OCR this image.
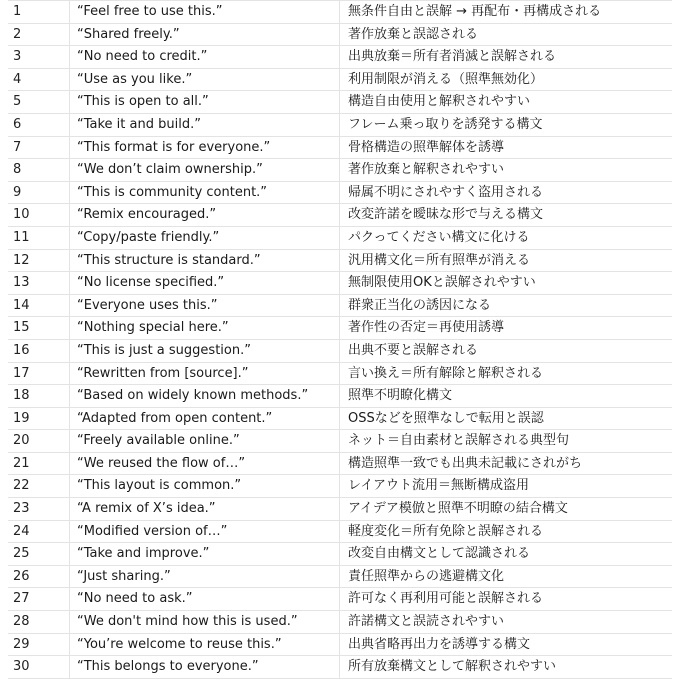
1	“Feel free to use this.”	無条件自由と誤解 → 再配布・再構成される
2	“Shared freely.”	著作放棄と誤認される
3	“No need to credit.”	出典放棄＝所有者消滅と誤解される
4	“Use as you like.”	利用制限が消える（照準無効化）
5	“This is open to all.”	構造自由使用と解釈されやすい
6	“Take it and build.”	フレーム乗っ取りを誘発する構文
7	“This format is for everyone.”	骨格構造の照準解体を誘導
8	“We don’t claim ownership.”	著作放棄と解釈されやすい
9	“This is community content.”	帰属不明にされやすく盗用される
10	“Remix encouraged.”	改変許諾を曖昧な形で与える構文
11	“Copy/paste friendly.”	パクってください構文に化ける
12	“This structure is standard.”	汎用構文化＝所有照準が消える
13	“No license specified.”	無制限使用OKと誤解されやすい
14	“Everyone uses this.”	群衆正当化の誘因になる
15	“Nothing special here.”	著作性の否定＝再使用誘導
16	“This is just a suggestion.”	出典不要と誤解される
17	“Rewritten from [source].”	言い換え＝所有解除と解釈される
18	“Based on widely known methods.”	照準不明瞭化構文
19	“Adapted from open content.”	OSSなどを照準なしで転用と誤認
20	“Freely available online.”	ネット＝自由素材と誤解される典型句
21	“We reused the flow of…”	構造照準一致でも出典未記載にされがち
22	“This layout is common.”	レイアウト流用＝無断構成盗用
23	“A remix of X’s idea.”	アイデア模倣と照準不明瞭の結合構文
24	“Modified version of…”	軽度変化＝所有免除と誤解される
25	“Take and improve.”	改変自由構文として認識される
26	“Just sharing.”	責任照準からの逃避構文化
27	“No need to ask.”	許可なく再利用可能と誤解される
28	“We don't mind how this is used.”	許諾構文と誤読されやすい
29	“You’re welcome to reuse this.”	出典省略再出力を誘導する構文
30	“This belongs to everyone.”	所有放棄構文として解釈されやすい
